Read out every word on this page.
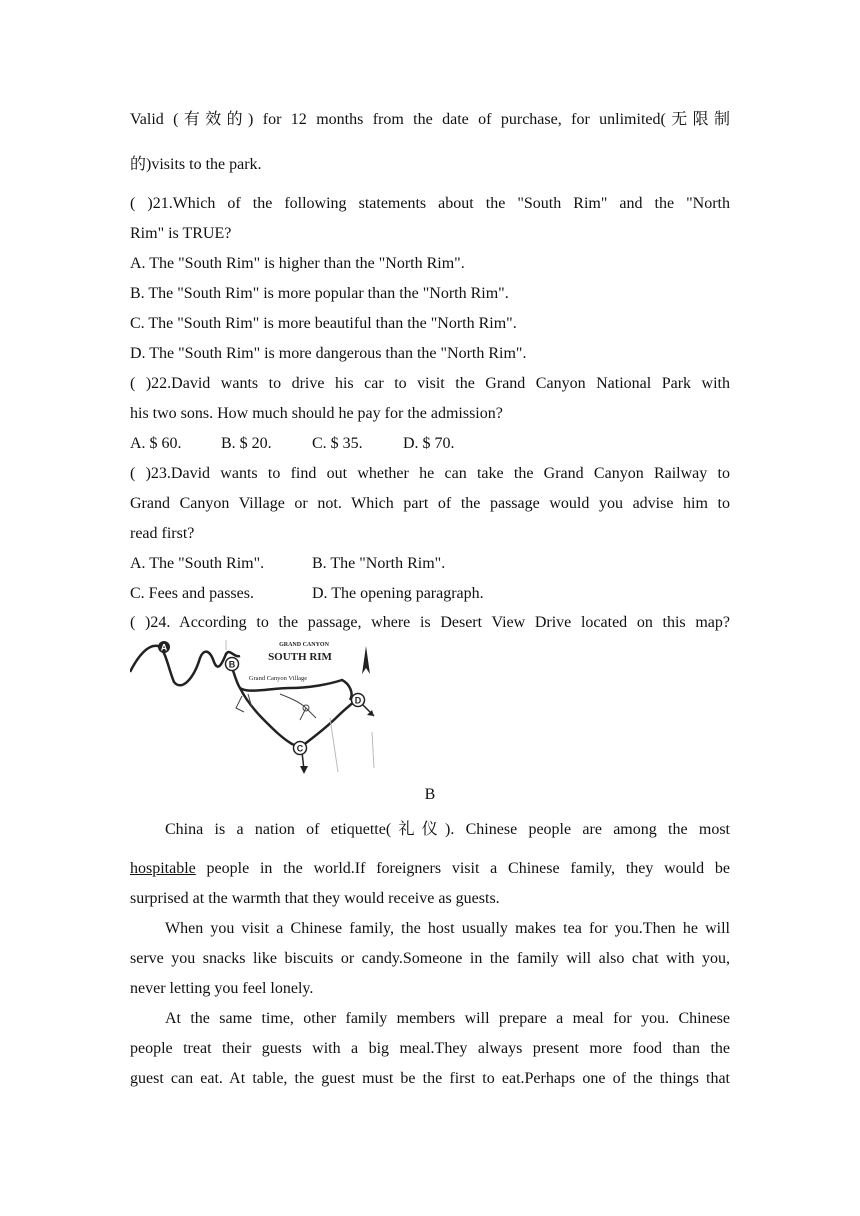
Valid (有效的) for 12 months from the date of purchase, for unlimited(无限制
的)visits to the park.
( )21.Which of the following statements about the "South Rim" and the "North
Rim" is TRUE?
A. The "South Rim" is higher than the "North Rim".
B. The "South Rim" is more popular than the "North Rim".
C. The "South Rim" is more beautiful than the "North Rim".
D. The "South Rim" is more dangerous than the "North Rim".
( )22.David wants to drive his car to visit the Grand Canyon National Park with
his two sons. How much should he pay for the admission?
A. $ 60. B. $ 20.	C. $ 35.	D. $ 70.
( )23.David wants to find out whether he can take the Grand Canyon Railway to
Grand Canyon Village or not. Which part of the passage would you advise him to
read first?
A. The "South Rim".	B. The "North Rim".
C. Fees and passes.	D. The opening paragraph.
( )24. According to the passage, where is Desert View Drive located on this map?
A
B
C
D
GRAND CANYON
SOUTH RIM
Grand Canyon Village
B
China is a nation of etiquette(礼仪). Chinese people are among the most
hospitable people in the world.If foreigners visit a Chinese family, they would be
surprised at the warmth that they would receive as guests.
When you visit a Chinese family, the host usually makes tea for you.Then he will
serve you snacks like biscuits or candy.Someone in the family will also chat with you,
never letting you feel lonely.
At the same time, other family members will prepare a meal for you. Chinese
people treat their guests with a big meal.They always present more food than the
guest can eat. At table, the guest must be the first to eat.Perhaps one of the things that
